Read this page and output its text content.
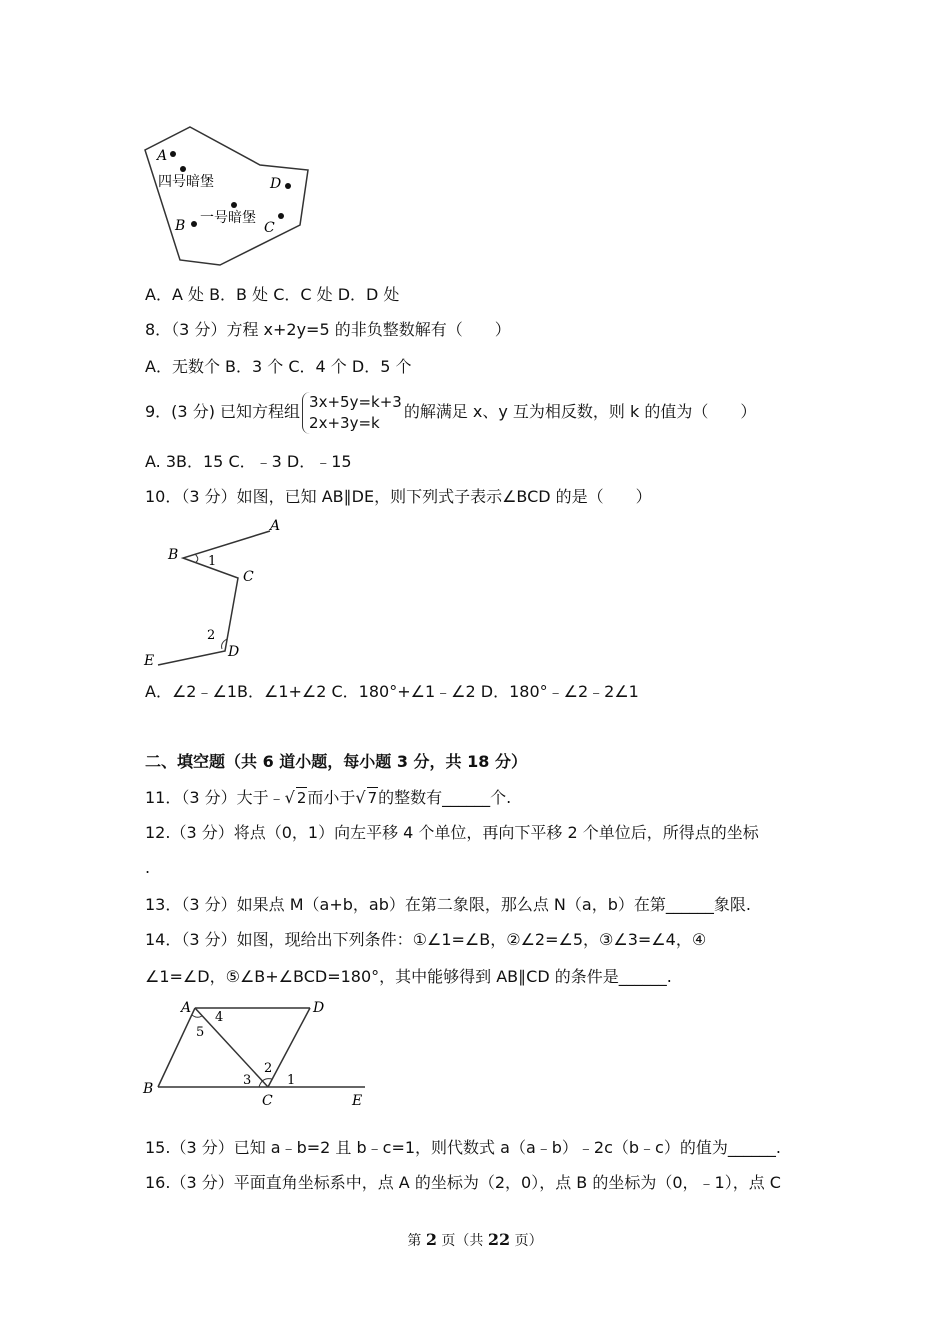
A
B	C
D
四号暗堡
一号暗堡
A．A 处 B．B 处 C．C 处 D．D 处
8．（3 分）方程 x+2y=5 的非负整数解有（　　）
A．无数个 B．3 个 C．4 个 D．5 个
9．(3 分) 已知方程组
3x+5y=k+3
2x+3y=k
的解满足 x、y 互为相反数，则 k 的值为（　　）
A. 3B．15 C．﹣3 D．﹣15
10．（3 分）如图，已知 AB∥DE，则下列式子表示∠BCD 的是（　　）
A
B
C
D
E
1
2
A．∠2﹣∠1B．∠1+∠2 C．180°+∠1﹣∠2 D．180°﹣∠2﹣2∠1
二、填空题（共 6 道小题，每小题 3 分，共 18 分）
11．（3 分）大于﹣√ 2而小于√ 7的整数有______个.
12.（3 分）将点（0，1）向左平移 4 个单位，再向下平移 2 个单位后，所得点的坐标
.
13．（3 分）如果点 M（a+b，ab）在第二象限，那么点 N（a，b）在第______象限.
14．（3 分）如图，现给出下列条件：①∠1=∠B，②∠2=∠5，③∠3=∠4，④
∠1=∠D，⑤∠B+∠BCD=180°，其中能够得到 AB∥CD 的条件是______.
A
B
C
D
E
1
2
3
4
5
15.（3 分）已知 a﹣b=2 且 b﹣c=1，则代数式 a（a﹣b）﹣2c（b﹣c）的值为______.
16.（3 分）平面直角坐标系中，点 A 的坐标为（2，0），点 B 的坐标为（0，﹣1），点 C
第 2 页（共 22 页）
